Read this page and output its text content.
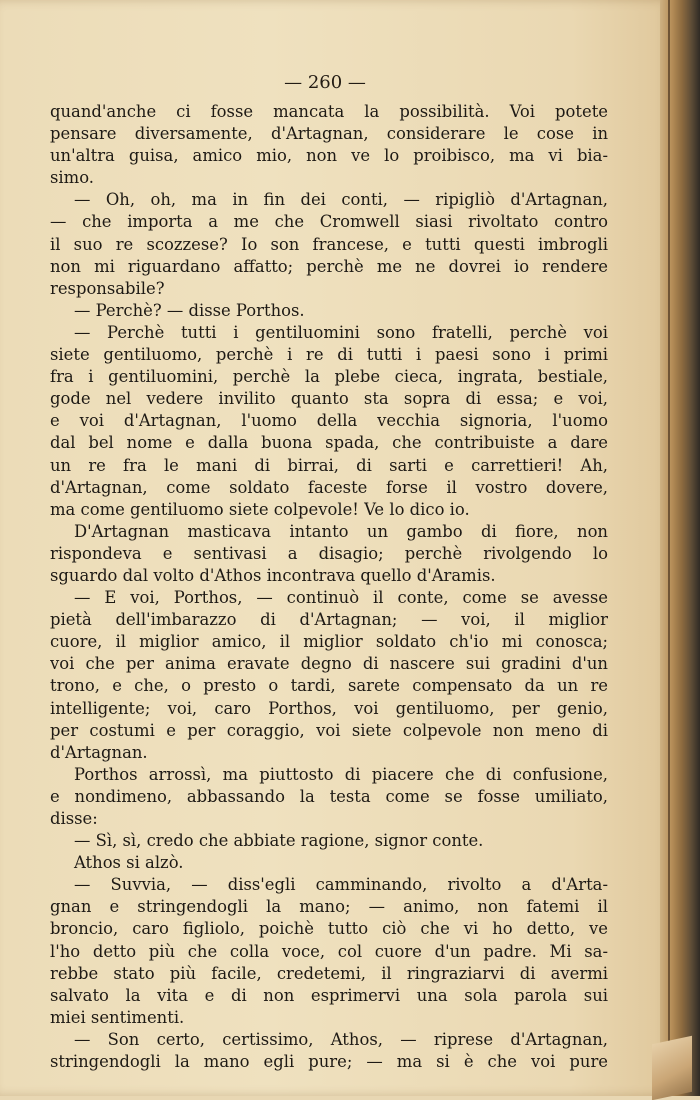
— 260 —
quand'anche ci fosse mancata la possibilità. Voi potete
pensare diversamente, d'Artagnan, considerare le cose in
un'altra guisa, amico mio, non ve lo proibisco, ma vi bia-
simo.
— Oh, oh, ma in fin dei conti, — ripigliò d'Artagnan,
— che importa a me che Cromwell siasi rivoltato contro
il suo re scozzese? Io son francese, e tutti questi imbrogli
non mi riguardano affatto; perchè me ne dovrei io rendere
responsabile?
— Perchè? — disse Porthos.
— Perchè tutti i gentiluomini sono fratelli, perchè voi
siete gentiluomo, perchè i re di tutti i paesi sono i primi
fra i gentiluomini, perchè la plebe cieca, ingrata, bestiale,
gode nel vedere invilito quanto sta sopra di essa; e voi,
e voi d'Artagnan, l'uomo della vecchia signoria, l'uomo
dal bel nome e dalla buona spada, che contribuiste a dare
un re fra le mani di birrai, di sarti e carrettieri! Ah,
d'Artagnan, come soldato faceste forse il vostro dovere,
ma come gentiluomo siete colpevole! Ve lo dico io.
D'Artagnan masticava intanto un gambo di fiore, non
rispondeva e sentivasi a disagio; perchè rivolgendo lo
sguardo dal volto d'Athos incontrava quello d'Aramis.
— E voi, Porthos, — continuò il conte, come se avesse
pietà dell'imbarazzo di d'Artagnan; — voi, il miglior
cuore, il miglior amico, il miglior soldato ch'io mi conosca;
voi che per anima eravate degno di nascere sui gradini d'un
trono, e che, o presto o tardi, sarete compensato da un re
intelligente; voi, caro Porthos, voi gentiluomo, per genio,
per costumi e per coraggio, voi siete colpevole non meno di
d'Artagnan.
Porthos arrossì, ma piuttosto di piacere che di confusione,
e nondimeno, abbassando la testa come se fosse umiliato,
disse:
— Sì, sì, credo che abbiate ragione, signor conte.
Athos si alzò.
— Suvvia, — diss'egli camminando, rivolto a d'Arta-
gnan e stringendogli la mano; — animo, non fatemi il
broncio, caro figliolo, poichè tutto ciò che vi ho detto, ve
l'ho detto più che colla voce, col cuore d'un padre. Mi sa-
rebbe stato più facile, credetemi, il ringraziarvi di avermi
salvato la vita e di non esprimervi una sola parola sui
miei sentimenti.
— Son certo, certissimo, Athos, — riprese d'Artagnan,
stringendogli la mano egli pure; — ma si è che voi pure
